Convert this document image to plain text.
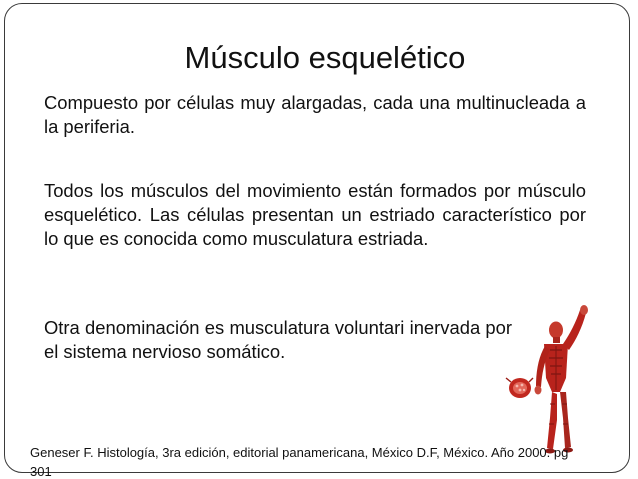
Músculo esquelético
Compuesto por células muy alargadas, cada una multinucleada a la periferia.
Todos los músculos del movimiento están formados por músculo esquelético. Las células presentan un estriado característico por lo que es conocida como musculatura estriada.
Otra denominación es musculatura voluntari inervada por el sistema nervioso somático.
Geneser F. Histología, 3ra edición, editorial panamericana, México D.F, México. Año 2000. pg 301
